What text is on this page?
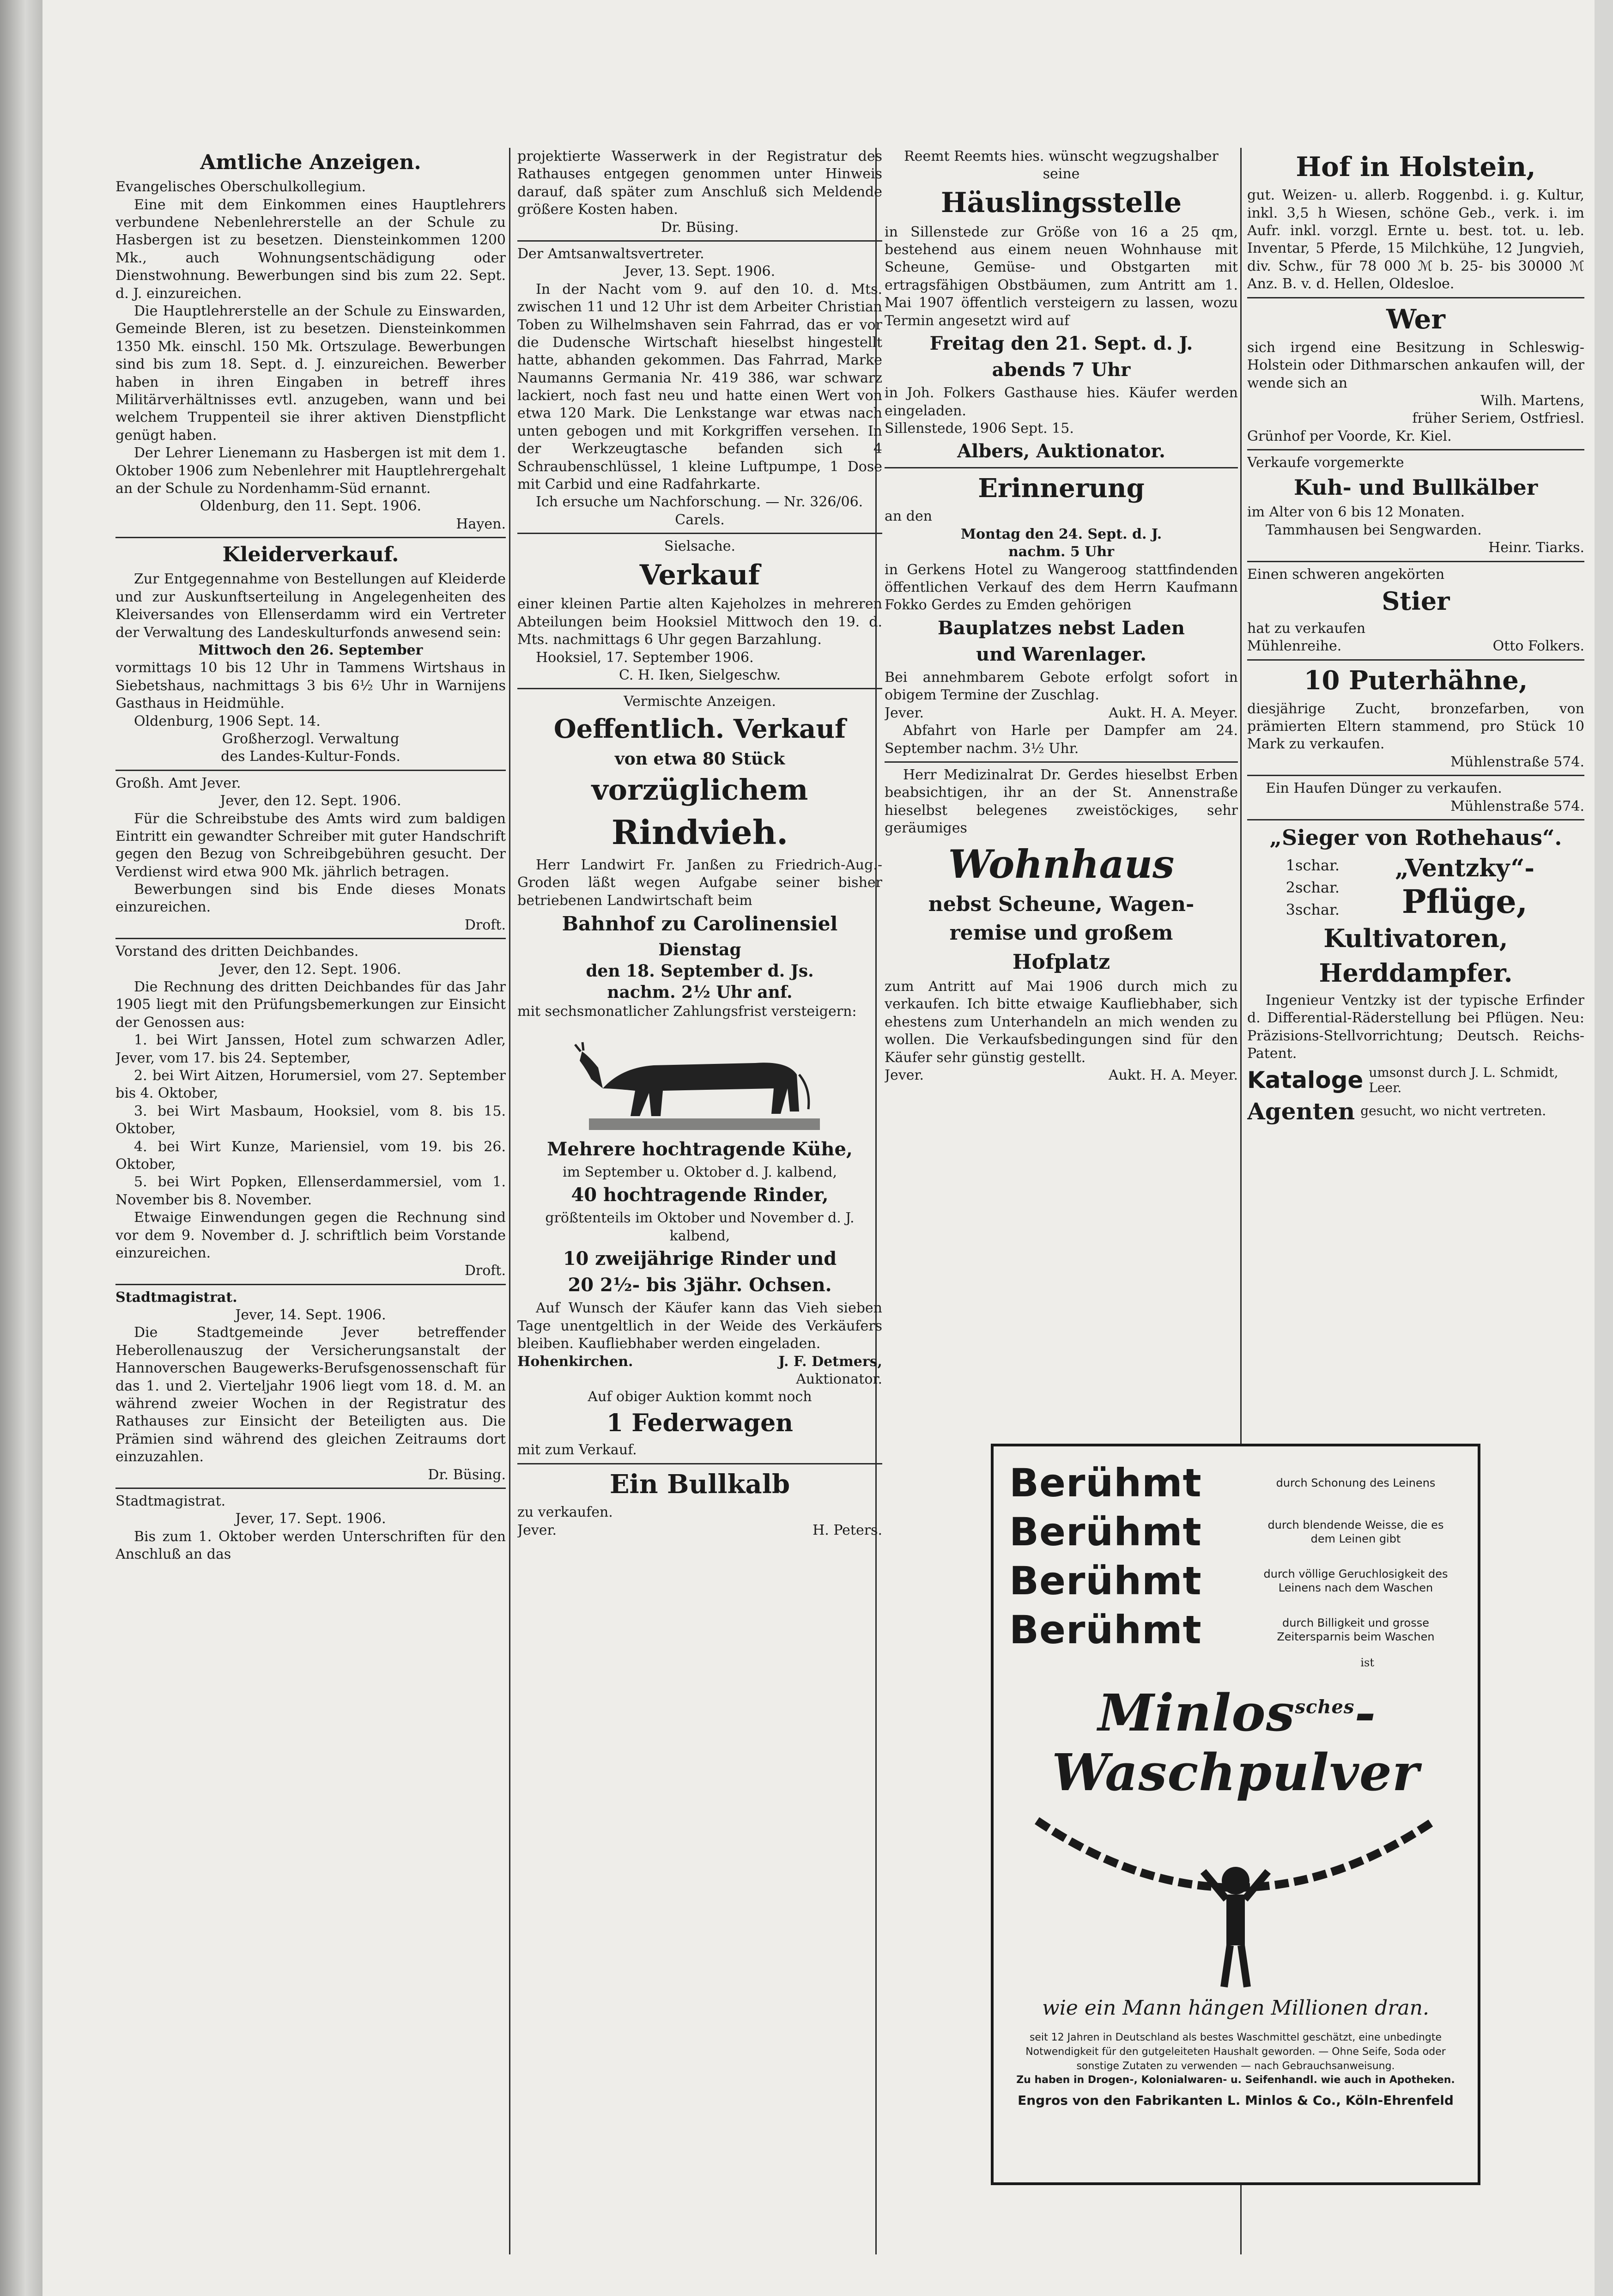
Amtliche Anzeigen.

Evangelisches Oberschulkollegium.

Eine mit dem Einkommen eines Hauptlehrers verbundene Nebenlehrerstelle an der Schule zu Hasbergen ist zu besetzen. Diensteinkommen 1200 Mk., auch Wohnungsentschädigung oder Dienstwohnung. Bewerbungen sind bis zum 22. Sept. d. J. einzureichen.

Die Hauptlehrerstelle an der Schule zu Einswarden, Gemeinde Bleren, ist zu besetzen. Diensteinkommen 1350 Mk. einschl. 150 Mk. Ortszulage. Bewerbungen sind bis zum 18. Sept. d. J. einzureichen. Bewerber haben in ihren Eingaben in betreff ihres Militärverhältnisses evtl. anzugeben, wann und bei welchem Truppenteil sie ihrer aktiven Dienstpflicht genügt haben.

Der Lehrer Lienemann zu Hasbergen ist mit dem 1. Oktober 1906 zum Nebenlehrer mit Hauptlehrergehalt an der Schule zu Nordenhamm-Süd ernannt.

Oldenburg, den 11. Sept. 1906.

Hayen.

Kleiderverkauf.

Zur Entgegennahme von Bestellungen auf Kleiderde und zur Auskunftserteilung in Angelegenheiten des Kleiversandes von Ellenserdamm wird ein Vertreter der Verwaltung des Landeskulturfonds anwesend sein:

Mittwoch den 26. September

vormittags 10 bis 12 Uhr in Tammens Wirtshaus in Siebetshaus, nachmittags 3 bis 6½ Uhr in Warnijens Gasthaus in Heidmühle.

Oldenburg, 1906 Sept. 14.

Großherzogl. Verwaltung

des Landes-Kultur-Fonds.

Großh. Amt Jever.

Jever, den 12. Sept. 1906.

Für die Schreibstube des Amts wird zum baldigen Eintritt ein gewandter Schreiber mit guter Handschrift gegen den Bezug von Schreibgebühren gesucht. Der Verdienst wird etwa 900 Mk. jährlich betragen.

Bewerbungen sind bis Ende dieses Monats einzureichen.

Droft.

Vorstand des dritten Deichbandes.

Jever, den 12. Sept. 1906.

Die Rechnung des dritten Deichbandes für das Jahr 1905 liegt mit den Prüfungsbemerkungen zur Einsicht der Genossen aus:

1. bei Wirt Janssen, Hotel zum schwarzen Adler, Jever, vom 17. bis 24. September,

2. bei Wirt Aitzen, Horumersiel, vom 27. September bis 4. Oktober,

3. bei Wirt Masbaum, Hooksiel, vom 8. bis 15. Oktober,

4. bei Wirt Kunze, Mariensiel, vom 19. bis 26. Oktober,

5. bei Wirt Popken, Ellenserdammersiel, vom 1. November bis 8. November.

Etwaige Einwendungen gegen die Rechnung sind vor dem 9. November d. J. schriftlich beim Vorstande einzureichen.

Droft.

Stadtmagistrat.

Jever, 14. Sept. 1906.

Die Stadtgemeinde Jever betreffender Heberollenauszug der Versicherungsanstalt der Hannoverschen Baugewerks-Berufsgenossenschaft für das 1. und 2. Vierteljahr 1906 liegt vom 18. d. M. an während zweier Wochen in der Registratur des Rathauses zur Einsicht der Beteiligten aus. Die Prämien sind während des gleichen Zeitraums dort einzuzahlen.

Dr. Büsing.

Stadtmagistrat.

Jever, 17. Sept. 1906.

Bis zum 1. Oktober werden Unterschriften für den Anschluß an das

projektierte Wasserwerk in der Registratur des Rathauses entgegen genommen unter Hinweis darauf, daß später zum Anschluß sich Meldende größere Kosten haben.

Dr. Büsing.

Der Amtsanwaltsvertreter.

Jever, 13. Sept. 1906.

In der Nacht vom 9. auf den 10. d. Mts. zwischen 11 und 12 Uhr ist dem Arbeiter Christian Toben zu Wilhelmshaven sein Fahrrad, das er vor die Dudensche Wirtschaft hieselbst hingestellt hatte, abhanden gekommen. Das Fahrrad, Marke Naumanns Germania Nr. 419 386, war schwarz lackiert, noch fast neu und hatte einen Wert von etwa 120 Mark. Die Lenkstange war etwas nach unten gebogen und mit Korkgriffen versehen. In der Werkzeugtasche befanden sich 4 Schraubenschlüssel, 1 kleine Luftpumpe, 1 Dose mit Carbid und eine Radfahrkarte.

Ich ersuche um Nachforschung. — Nr. 326/06.

Carels.

Sielsache.

Verkauf

einer kleinen Partie alten Kajeholzes in mehreren Abteilungen beim Hooksiel Mittwoch den 19. d. Mts. nachmittags 6 Uhr gegen Barzahlung.

Hooksiel, 17. September 1906.

C. H. Iken, Sielgeschw.

Vermischte Anzeigen.

Oeffentlich. Verkauf

von etwa 80 Stück

vorzüglichem

Rindvieh.

Herr Landwirt Fr. Janßen zu Friedrich-Aug.-Groden läßt wegen Aufgabe seiner bisher betriebenen Landwirtschaft beim

Bahnhof zu Carolinensiel

Dienstag

den 18. September d. Js.

nachm. 2½ Uhr anf.

mit sechsmonatlicher Zahlungsfrist versteigern:

Mehrere hochtragende Kühe,

im September u. Oktober d. J. kalbend,

40 hochtragende Rinder,

größtenteils im Oktober und November d. J. kalbend,

10 zweijährige Rinder und

20 2½- bis 3jähr. Ochsen.

Auf Wunsch der Käufer kann das Vieh sieben Tage unentgeltlich in der Weide des Verkäufers bleiben. Kaufliebhaber werden eingeladen.

Hohenkirchen.	J. F. Detmers,

Auktionator.

Auf obiger Auktion kommt noch

1 Federwagen

mit zum Verkauf.

Ein Bullkalb

zu verkaufen.

Jever.	H. Peters.

Reemt Reemts hies. wünscht wegzugshalber seine

Häuslingsstelle

in Sillenstede zur Größe von 16 a 25 qm, bestehend aus einem neuen Wohnhause mit Scheune, Gemüse- und Obstgarten mit ertragsfähigen Obstbäumen, zum Antritt am 1. Mai 1907 öffentlich versteigern zu lassen, wozu Termin angesetzt wird auf

Freitag den 21. Sept. d. J.

abends 7 Uhr

in Joh. Folkers Gasthause hies. Käufer werden eingeladen.

Sillenstede, 1906 Sept. 15.

Albers, Auktionator.

Erinnerung

an den

Montag den 24. Sept. d. J.

nachm. 5 Uhr

in Gerkens Hotel zu Wangeroog stattfindenden öffentlichen Verkauf des dem Herrn Kaufmann Fokko Gerdes zu Emden gehörigen

Bauplatzes nebst Laden

und Warenlager.

Bei annehmbarem Gebote erfolgt sofort in obigem Termine der Zuschlag.

Jever.	Aukt. H. A. Meyer.

Abfahrt von Harle per Dampfer am 24. September nachm. 3½ Uhr.

Herr Medizinalrat Dr. Gerdes hieselbst Erben beabsichtigen, ihr an der St. Annenstraße hieselbst belegenes zweistöckiges, sehr geräumiges

Wohnhaus

nebst Scheune, Wagen-

remise und großem

Hofplatz

zum Antritt auf Mai 1906 durch mich zu verkaufen. Ich bitte etwaige Kaufliebhaber, sich ehestens zum Unterhandeln an mich wenden zu wollen. Die Verkaufsbedingungen sind für den Käufer sehr günstig gestellt.

Jever.	Aukt. H. A. Meyer.

Hof in Holstein,

gut. Weizen- u. allerb. Roggenbd. i. g. Kultur, inkl. 3,5 h Wiesen, schöne Geb., verk. i. im Aufr. inkl. vorzgl. Ernte u. best. tot. u. leb. Inventar, 5 Pferde, 15 Milchkühe, 12 Jungvieh, div. Schw., für 78 000 ℳ b. 25- bis 30000 ℳ Anz. B. v. d. Hellen, Oldesloe.

Wer

sich irgend eine Besitzung in Schleswig-Holstein oder Dithmarschen ankaufen will, der wende sich an

Wilh. Martens,

früher Seriem, Ostfriesl.

Grünhof per Voorde, Kr. Kiel.

Verkaufe vorgemerkte

Kuh- und Bullkälber

im Alter von 6 bis 12 Monaten.

Tammhausen bei Sengwarden.

Heinr. Tiarks.

Einen schweren angekörten

Stier

hat zu verkaufen

Mühlenreihe.	Otto Folkers.

10 Puterhähne,

diesjährige Zucht, bronzefarben, von prämierten Eltern stammend, pro Stück 10 Mark zu verkaufen.

Mühlenstraße 574.

Ein Haufen Dünger zu verkaufen.

Mühlenstraße 574.

„Sieger von Rothehaus“.

1schar.
2schar.
3schar.
„Ventzky“-
Pflüge,

Kultivatoren,

Herddampfer.

Ingenieur Ventzky ist der typische Erfinder d. Differential-Räderstellung bei Pflügen. Neu: Präzisions-Stellvorrichtung; Deutsch. Reichs-Patent.

Kataloge umsonst durch J. L. Schmidt, Leer.
Agenten gesucht, wo nicht vertreten.
Berühmt	durch Schonung des Leinens
Berühmt	durch blendende Weisse, die es dem Leinen gibt
Berühmt	durch völlige Geruchlosigkeit des Leinens nach dem Waschen
Berühmt	durch Billigkeit und grosse Zeitersparnis beim Waschen
ist
Minlos$^{sches}$-Waschpulver
wie ein Mann hängen Millionen dran.
seit 12 Jahren in Deutschland als bestes Waschmittel geschätzt, eine unbedingte Notwendigkeit für den gutgeleiteten Haushalt geworden. — Ohne Seife, Soda oder sonstige Zutaten zu verwenden — nach Gebrauchsanweisung.
Zu haben in Drogen-, Kolonialwaren- u. Seifenhandl. wie auch in Apotheken.
Engros von den Fabrikanten L. Minlos & Co., Köln-Ehrenfeld
